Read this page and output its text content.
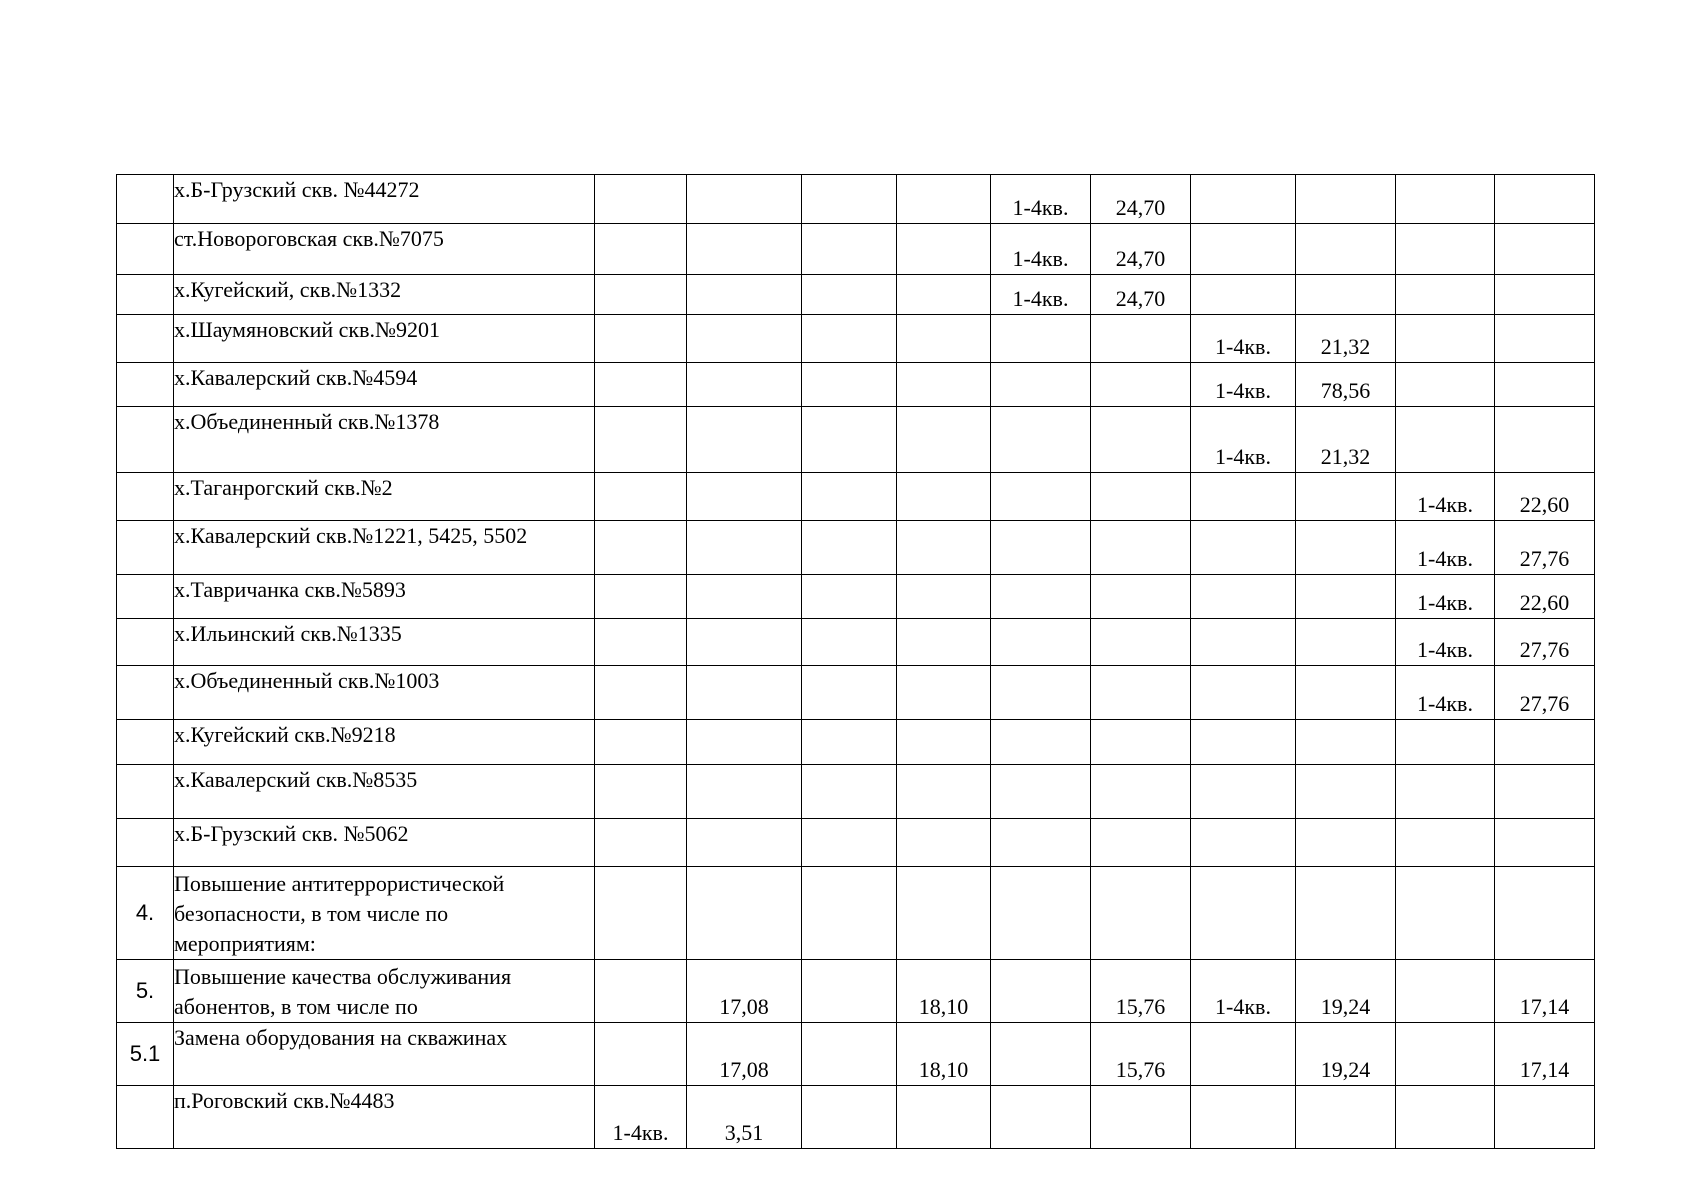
	х.Б-Грузский скв. №44272					1-4кв.	24,70				
	ст.Новороговская скв.№7075					1-4кв.	24,70				
	х.Кугейский, скв.№1332					1-4кв.	24,70				
	х.Шаумяновский скв.№9201							1-4кв.	21,32		
	х.Кавалерский скв.№4594							1-4кв.	78,56		
	х.Объединенный скв.№1378							1-4кв.	21,32		
	х.Таганрогский скв.№2									1-4кв.	22,60
	х.Кавалерский скв.№1221, 5425, 5502									1-4кв.	27,76
	х.Тавричанка скв.№5893									1-4кв.	22,60
	х.Ильинский скв.№1335									1-4кв.	27,76
	х.Объединенный скв.№1003									1-4кв.	27,76
	х.Кугейский скв.№9218										
	х.Кавалерский скв.№8535										
	х.Б-Грузский скв. №5062										
4.	Повышение антитеррористической безопасности, в том числе по мероприятиям:										
5.	Повышение качества обслуживания абонентов, в том числе по		17,08		18,10		15,76	1-4кв.	19,24		17,14
5.1	Замена оборудования на скважинах		17,08		18,10		15,76		19,24		17,14
	п.Роговский скв.№4483	1-4кв.	3,51								
